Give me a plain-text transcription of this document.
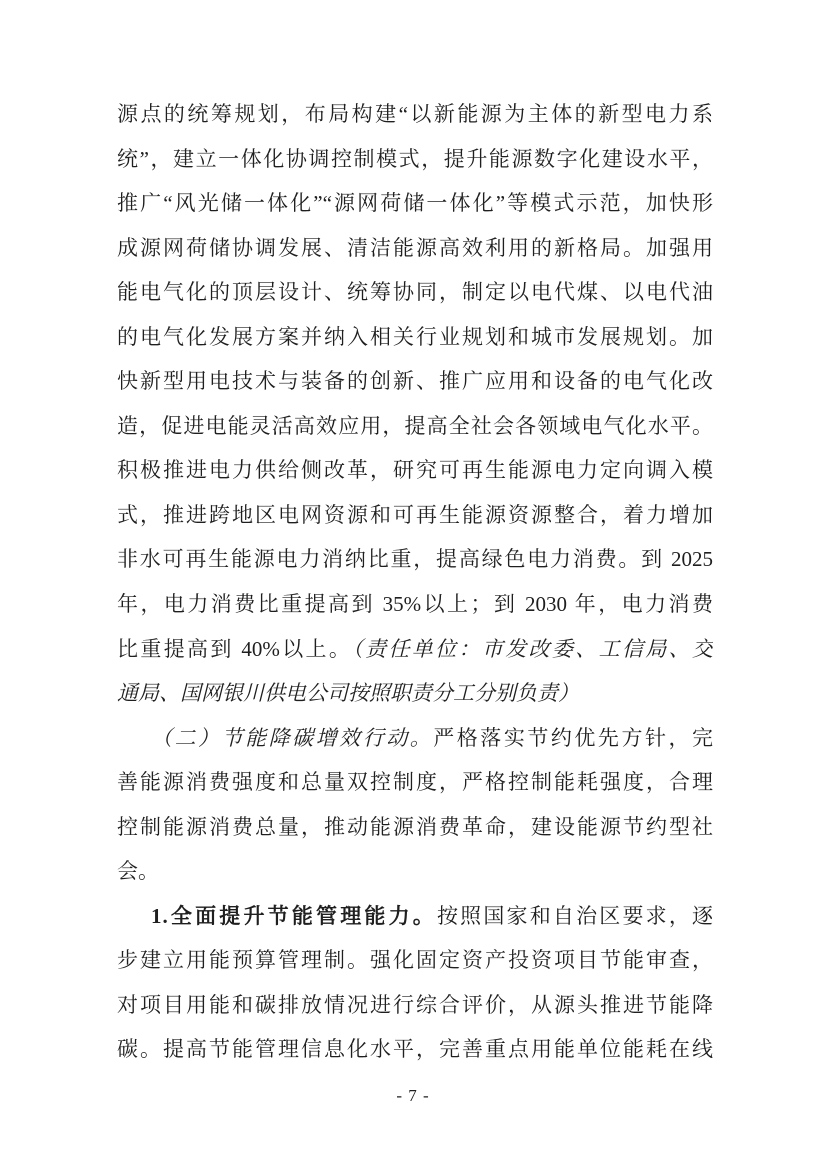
源点的统筹规划，布局构建“以新能源为主体的新型电力系
统”，建立一体化协调控制模式，提升能源数字化建设水平，
推广“风光储一体化”“源网荷储一体化”等模式示范，加快形
成源网荷储协调发展、清洁能源高效利用的新格局。加强用
能电气化的顶层设计、统筹协同，制定以电代煤、以电代油
的电气化发展方案并纳入相关行业规划和城市发展规划。加
快新型用电技术与装备的创新、推广应用和设备的电气化改
造，促进电能灵活高效应用，提高全社会各领域电气化水平。
积极推进电力供给侧改革，研究可再生能源电力定向调入模
式，推进跨地区电网资源和可再生能源资源整合，着力增加
非水可再生能源电力消纳比重，提高绿色电力消费。到 2025
年，电力消费比重提高到 35%以上；到 2030 年，电力消费
比重提高到 40%以上。（责任单位：市发改委、工信局、交
通局、国网银川供电公司按照职责分工分别负责）
（二）节能降碳增效行动。严格落实节约优先方针，完
善能源消费强度和总量双控制度，严格控制能耗强度，合理
控制能源消费总量，推动能源消费革命，建设能源节约型社
会。
1.全面提升节能管理能力。按照国家和自治区要求，逐
步建立用能预算管理制。强化固定资产投资项目节能审查，
对项目用能和碳排放情况进行综合评价，从源头推进节能降
碳。提高节能管理信息化水平，完善重点用能单位能耗在线
- 7 -
